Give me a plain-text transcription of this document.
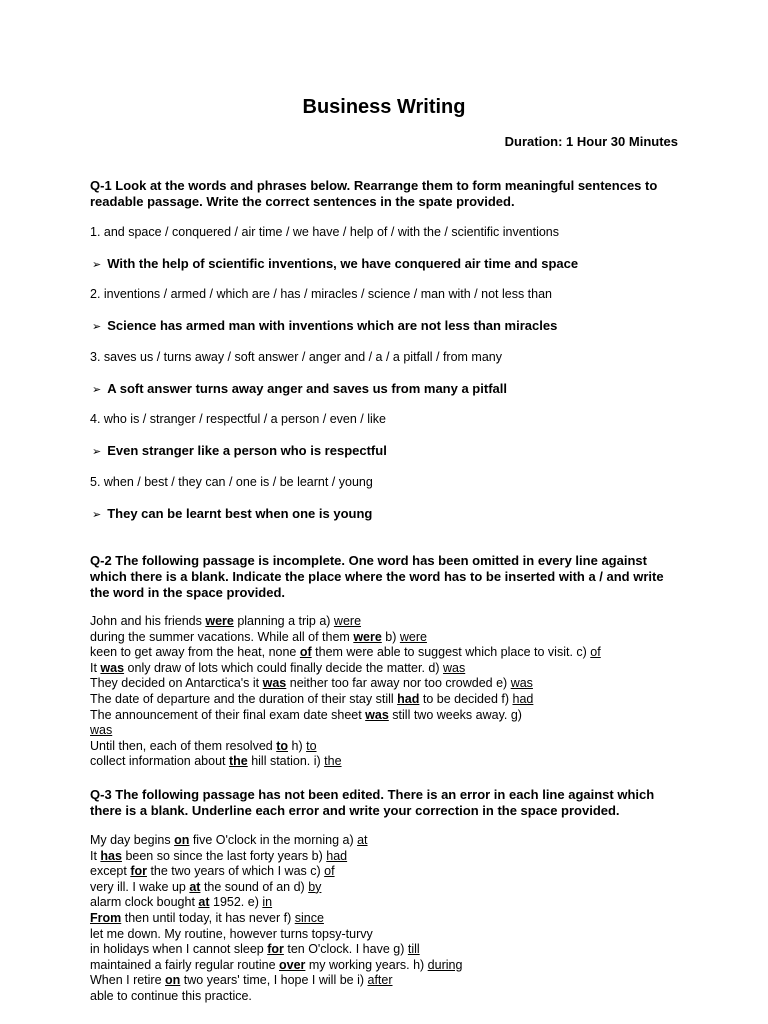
Business Writing
Duration: 1 Hour 30 Minutes
Q-1 Look at the words and phrases below. Rearrange them to form meaningful sentences to readable passage. Write the correct sentences in the spate provided.
1. and space / conquered / air time / we have / help of / with the / scientific inventions
➢ With the help of scientific inventions, we have conquered air time and space
2. inventions / armed / which are / has / miracles / science / man with / not less than
➢ Science has armed man with inventions which are not less than miracles
3. saves us / turns away / soft answer / anger and / a / a pitfall / from many
➢ A soft answer turns away anger and saves us from many a pitfall
4. who is / stranger / respectful / a person / even / like
➢ Even stranger like a person who is respectful
5. when / best / they can / one is / be learnt / young
➢ They can be learnt best when one is young
Q-2 The following passage is incomplete. One word has been omitted in every line against which there is a blank. Indicate the place where the word has to be inserted with a / and write the word in the space provided.
John and his friends were planning a trip a) were
during the summer vacations. While all of them were b) were
keen to get away from the heat, none of them were able to suggest which place to visit. c) of
It was only draw of lots which could finally decide the matter. d) was
They decided on Antarctica's it was neither too far away nor too crowded e) was
The date of departure and the duration of their stay still had to be decided f) had
The announcement of their final exam date sheet was still two weeks away. g)
was
Until then, each of them resolved to h) to
collect information about the hill station. i) the
Q-3 The following passage has not been edited. There is an error in each line against which there is a blank. Underline each error and write your correction in the space provided.
My day begins on five O'clock in the morning a) at
It has been so since the last forty years b) had
except for the two years of which I was c) of
very ill. I wake up at the sound of an d) by
alarm clock bought at 1952. e) in
From then until today, it has never f) since
let me down. My routine, however turns topsy-turvy
in holidays when I cannot sleep for ten O'clock. I have g) till
maintained a fairly regular routine over my working years. h) during
When I retire on two years' time, I hope I will be i) after
able to continue this practice.
